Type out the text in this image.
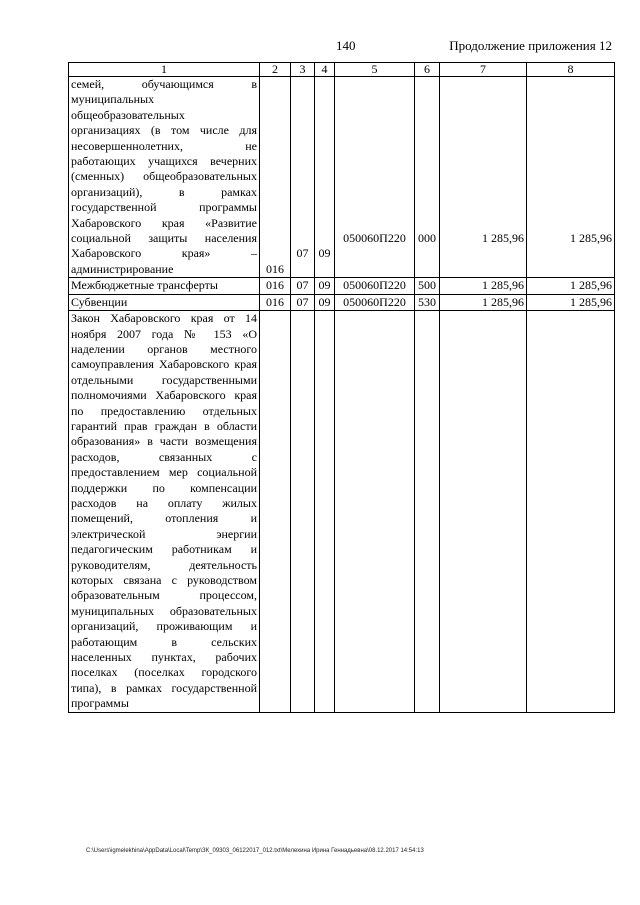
140	Продолжение приложения 12
1	2	3	4	5	6	7	8
семей, обучающимся в муниципальных общеобразовательных организациях (в том числе для несовершеннолетних, не работающих учащихся вечерних (сменных) общеобразовательных организаций), в рамках государственной программы Хабаровского края «Развитие социальной защиты населения Хабаровского края» – администрирование	016	07	09	050060П220	000	1 285,96	1 285,96
Межбюджетные трансферты	016	07	09	050060П220	500	1 285,96	1 285,96
Субвенции	016	07	09	050060П220	530	1 285,96	1 285,96
Закон Хабаровского края от 14 ноября 2007 года № 153 «О наделении органов местного самоуправления Хабаровского края отдельными государственными полномочиями Хабаровского края по предоставлению отдельных гарантий прав граждан в области образования» в части возмещения расходов, связанных с предоставлением мер социальной поддержки по компенсации расходов на оплату жилых помещений, отопления и электрической энергии педагогическим работникам и руководителям, деятельность которых связана с руководством образовательным процессом, муниципальных образовательных организаций, проживающим и работающим в сельских населенных пунктах, рабочих поселках (поселках городского типа), в рамках государственной программы							
C:\Users\igmelekhina\AppData\Local\Temp\ЗК_09303_06122017_012.txt\Мелехина Ирина Геннадьевна\08.12.2017 14:54:13
